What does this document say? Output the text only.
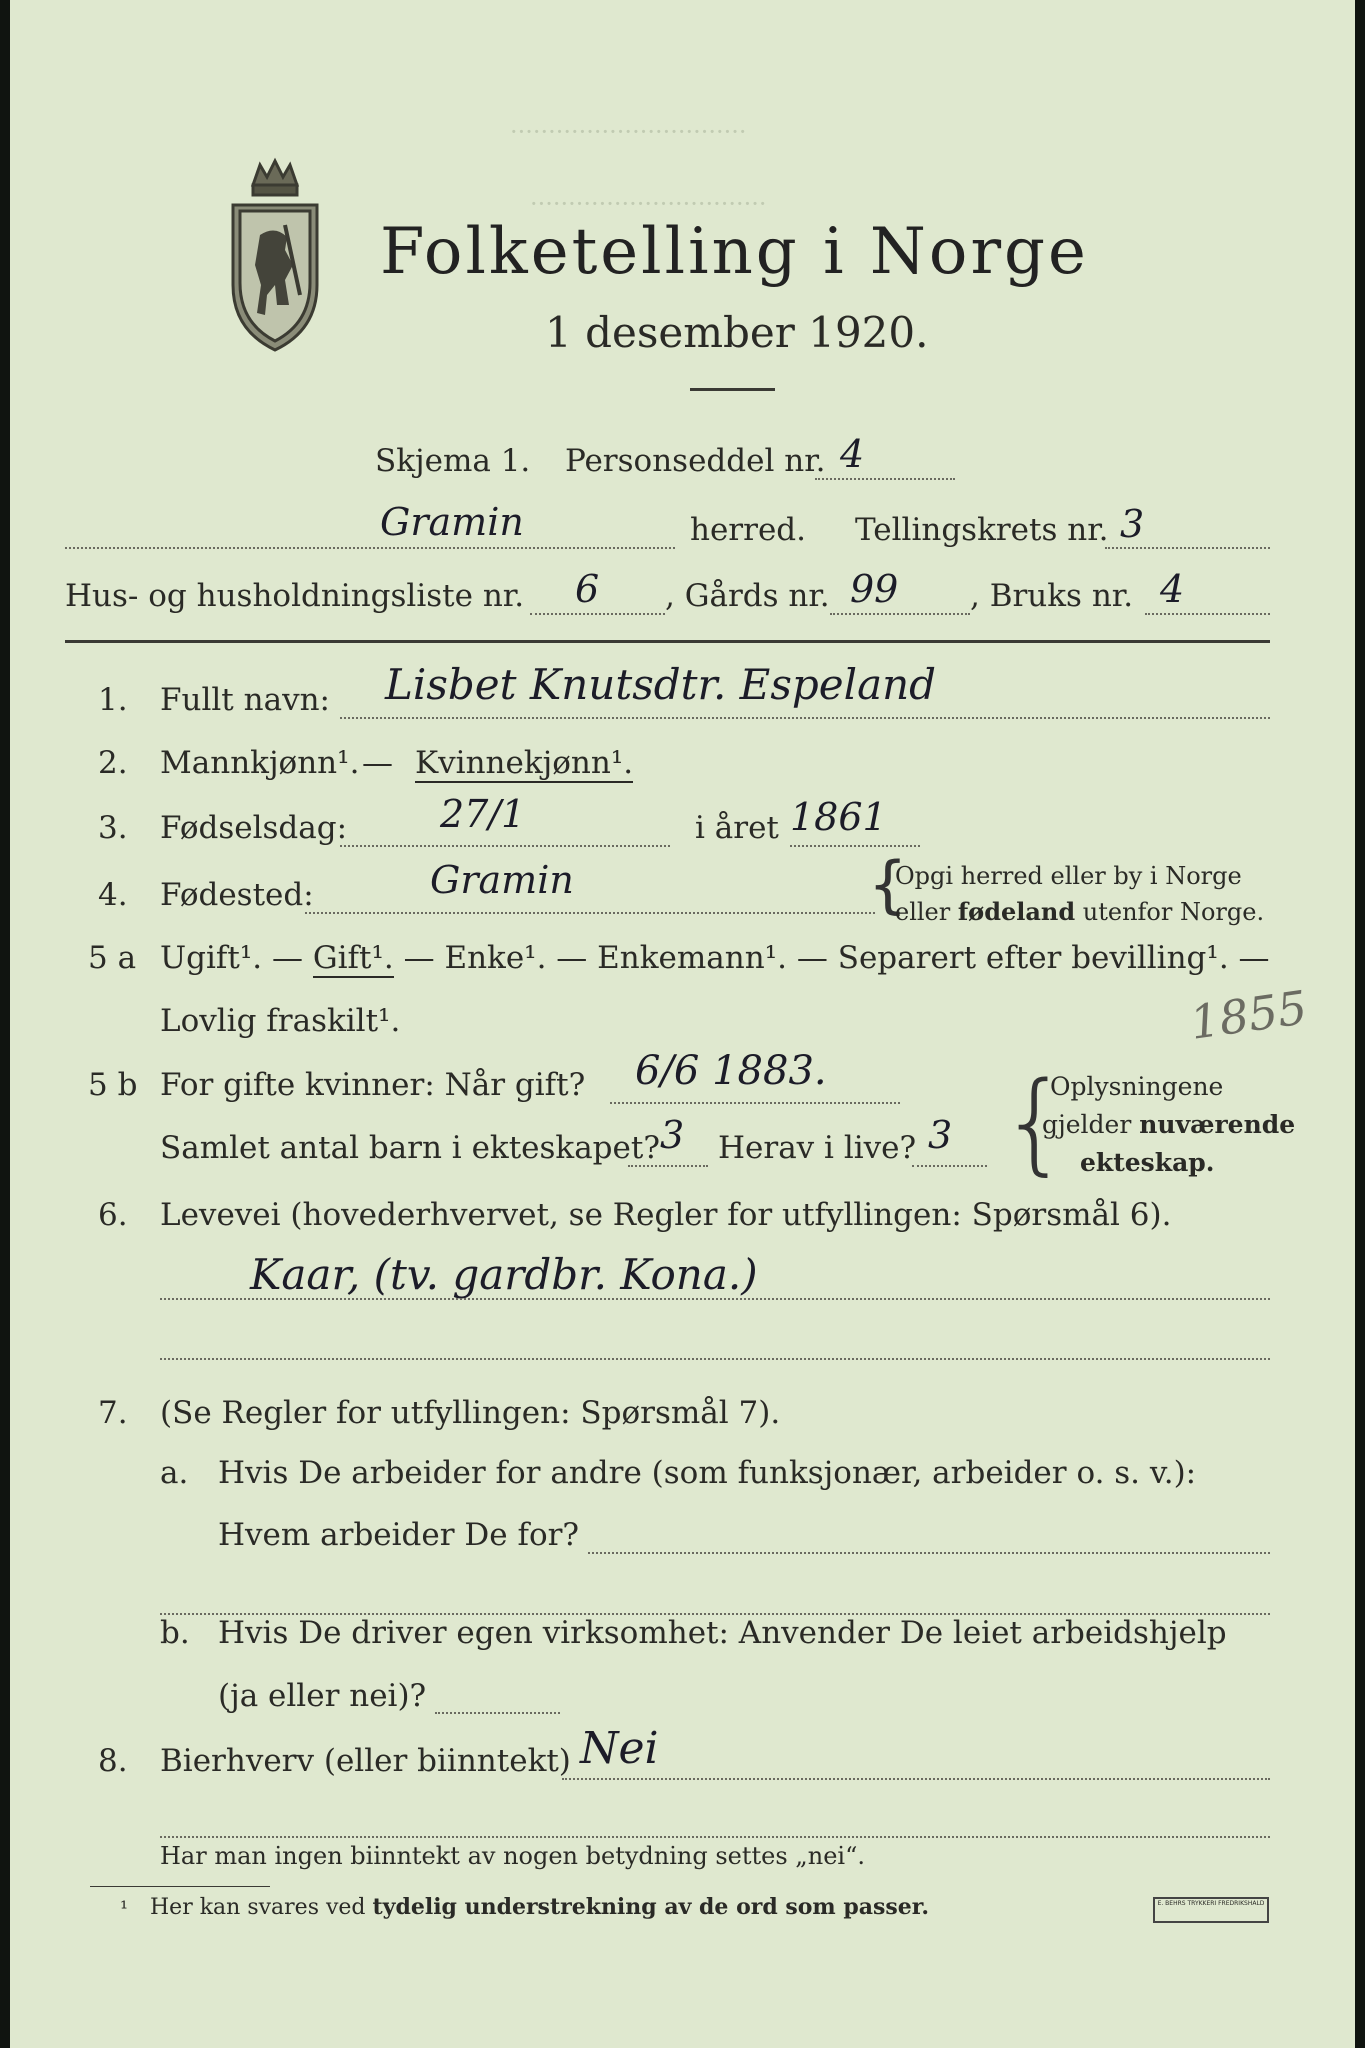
·······························
·······························
Folketelling i Norge
1 desember 1920.
Skjema 1. Personseddel nr. 4
Gramin	herred. Tellingskrets nr. 3
Hus- og husholdningsliste nr. 6 , Gårds nr. 99 , Bruks nr. 4
1. Fullt navn: Lisbet Knutsdtr. Espeland
2. Mannkjønn¹. — Kvinnekjønn¹.
3. Fødselsdag: 27/1	i året 1861
4. Fødested:	Gramin	{
Opgi herred eller by i Norge
eller fødeland utenfor Norge.
5 a Ugift¹. — Gift¹. — Enke¹. — Enkemann¹. — Separert efter bevilling¹. —
Lovlig fraskilt¹.	1855
5 b For gifte kvinner: Når gift? 6/6 1883.
Samlet antal barn i ekteskapet? 3 Herav i live? 3 {
Oplysningene
gjelder nuværende
ekteskap.
6. Levevei (hovederhvervet, se Regler for utfyllingen: Spørsmål 6).
Kaar, (tv. gardbr. Kona.)
7. (Se Regler for utfyllingen: Spørsmål 7).
a. Hvis De arbeider for andre (som funksjonær, arbeider o. s. v.):
Hvem arbeider De for?
b. Hvis De driver egen virksomhet: Anvender De leiet arbeidshjelp
(ja eller nei)?
8. Bierhverv (eller biinntekt) Nei
Har man ingen biinntekt av nogen betydning settes „nei“.
¹ Her kan svares ved tydelig understrekning av de ord som passer.	E. BEHRS TRYKKERI FREDRIKSHALD
